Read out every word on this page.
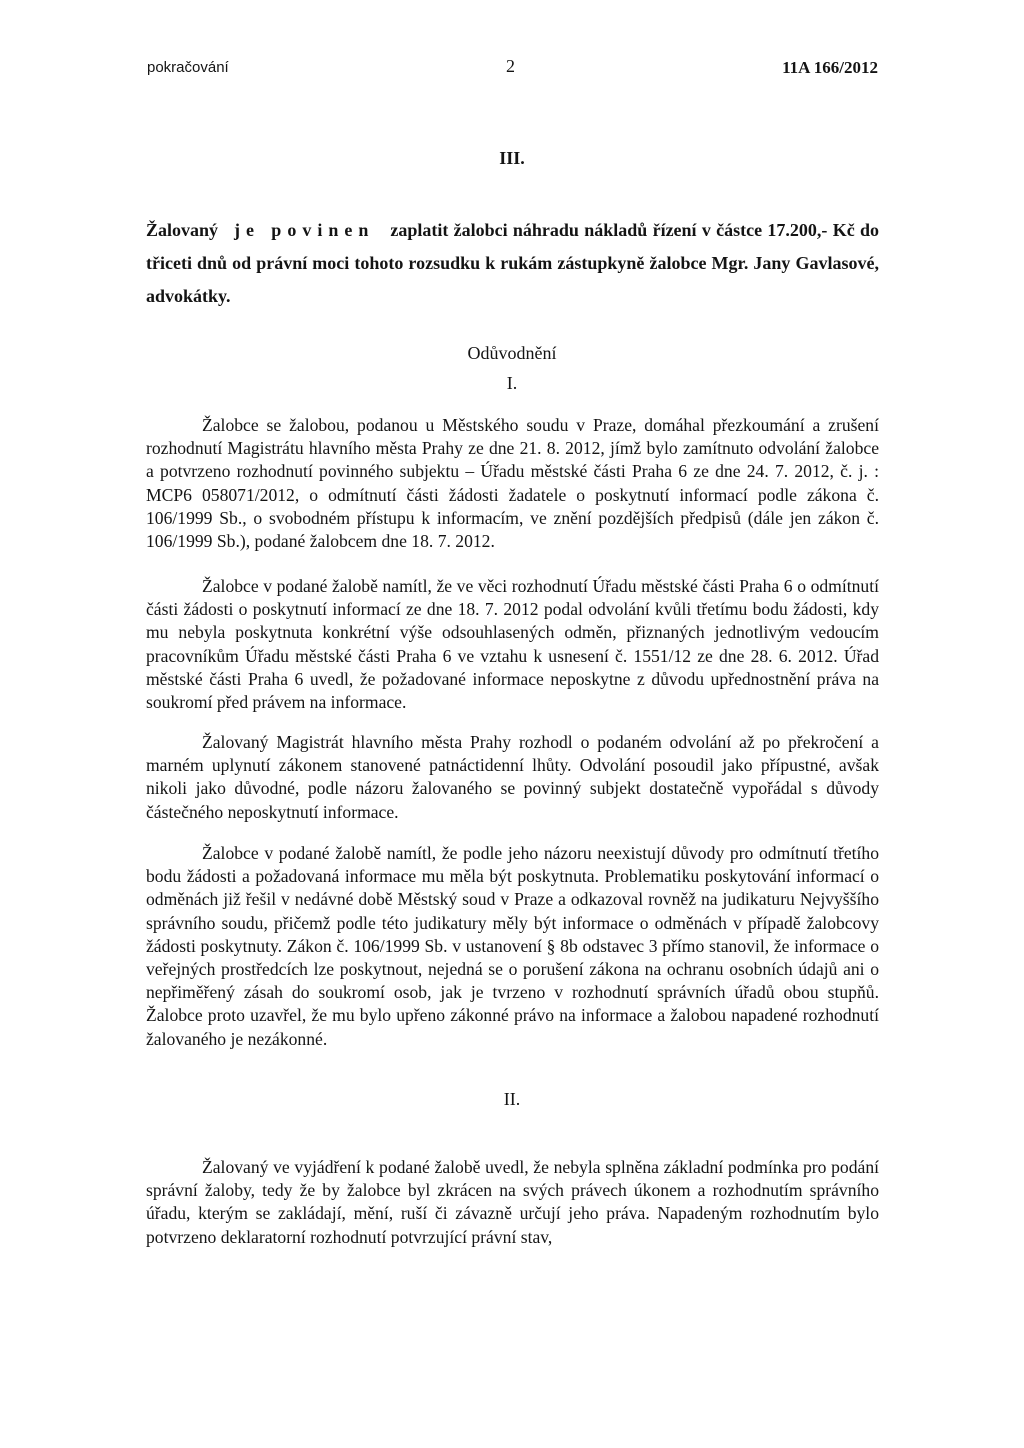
pokračování	2	11A 166/2012
III.
Žalovaný je povinen zaplatit žalobci náhradu nákladů řízení v částce 17.200,- Kč do třiceti dnů od právní moci tohoto rozsudku k rukám zástupkyně žalobce Mgr. Jany Gavlasové, advokátky.
Odůvodnění
I.

Žalobce se žalobou, podanou u Městského soudu v Praze, domáhal přezkoumání a zrušení rozhodnutí Magistrátu hlavního města Prahy ze dne 21. 8. 2012, jímž bylo zamítnuto odvolání žalobce a potvrzeno rozhodnutí povinného subjektu – Úřadu městské části Praha 6 ze dne 24. 7. 2012, č. j. : MCP6 058071/2012, o odmítnutí části žádosti žadatele o poskytnutí informací podle zákona č. 106/1999 Sb., o svobodném přístupu k informacím, ve znění pozdějších předpisů (dále jen zákon č. 106/1999 Sb.), podané žalobcem dne 18. 7. 2012.

Žalobce v podané žalobě namítl, že ve věci rozhodnutí Úřadu městské části Praha 6 o odmítnutí části žádosti o poskytnutí informací ze dne 18. 7. 2012 podal odvolání kvůli třetímu bodu žádosti, kdy mu nebyla poskytnuta konkrétní výše odsouhlasených odměn, přiznaných jednotlivým vedoucím pracovníkům Úřadu městské části Praha 6 ve vztahu k usnesení č. 1551/12 ze dne 28. 6. 2012. Úřad městské části Praha 6 uvedl, že požadované informace neposkytne z důvodu upřednostnění práva na soukromí před právem na informace.

Žalovaný Magistrát hlavního města Prahy rozhodl o podaném odvolání až po překročení a marném uplynutí zákonem stanovené patnáctidenní lhůty. Odvolání posoudil jako přípustné, avšak nikoli jako důvodné, podle názoru žalovaného se povinný subjekt dostatečně vypořádal s důvody částečného neposkytnutí informace.

Žalobce v podané žalobě namítl, že podle jeho názoru neexistují důvody pro odmítnutí třetího bodu žádosti a požadovaná informace mu měla být poskytnuta. Problematiku poskytování informací o odměnách již řešil v nedávné době Městský soud v Praze a odkazoval rovněž na judikaturu Nejvyššího správního soudu, přičemž podle této judikatury měly být informace o odměnách v případě žalobcovy žádosti poskytnuty. Zákon č. 106/1999 Sb. v ustanovení § 8b odstavec 3 přímo stanovil, že informace o veřejných prostředcích lze poskytnout, nejedná se o porušení zákona na ochranu osobních údajů ani o nepřiměřený zásah do soukromí osob, jak je tvrzeno v rozhodnutí správních úřadů obou stupňů. Žalobce proto uzavřel, že mu bylo upřeno zákonné právo na informace a žalobou napadené rozhodnutí žalovaného je nezákonné.

II.

Žalovaný ve vyjádření k podané žalobě uvedl, že nebyla splněna základní podmínka pro podání správní žaloby, tedy že by žalobce byl zkrácen na svých právech úkonem a rozhodnutím správního úřadu, kterým se zakládají, mění, ruší či závazně určují jeho práva. Napadeným rozhodnutím bylo potvrzeno deklaratorní rozhodnutí potvrzující právní stav,
